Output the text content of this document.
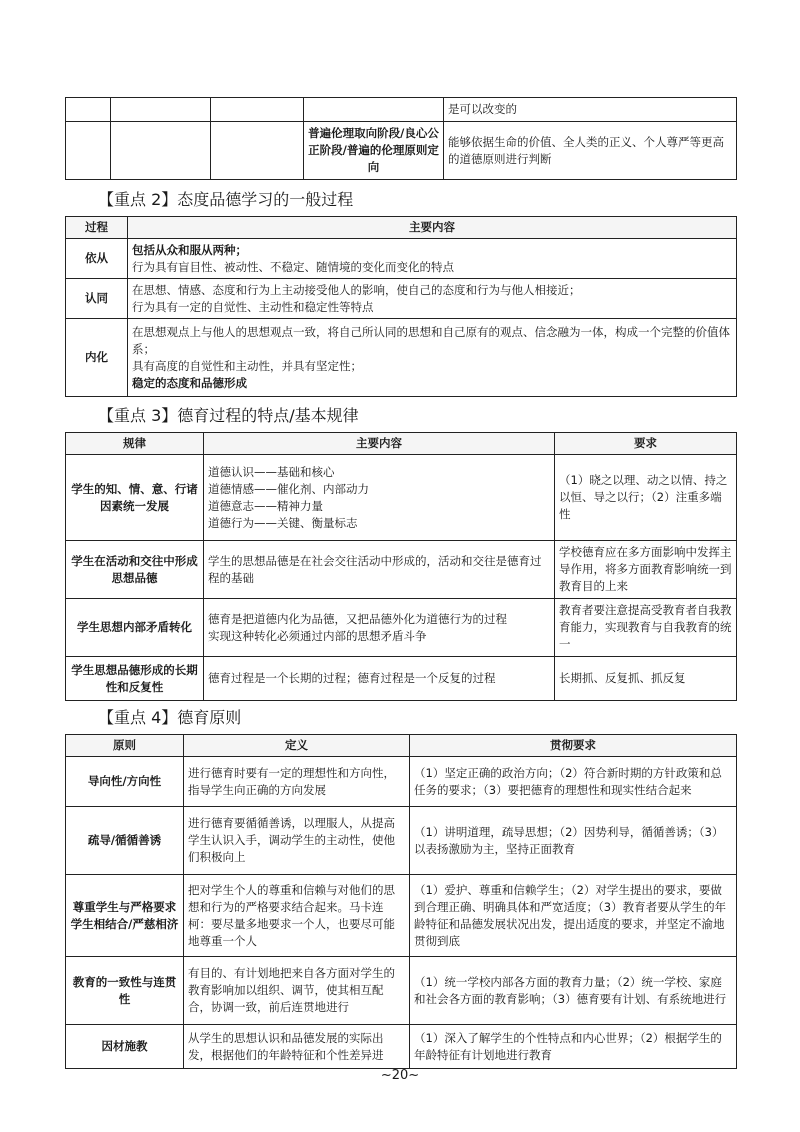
				是可以改变的
			普遍伦理取向阶段/良心公正阶段/普遍的伦理原则定向	能够依据生命的价值、全人类的正义、个人尊严等更高的道德原则进行判断
【重点 2】态度品德学习的一般过程
过程	主要内容
依从	包括从众和服从两种；
行为具有盲目性、被动性、不稳定、随情境的变化而变化的特点

认同	在思想、情感、态度和行为上主动接受他人的影响，使自己的态度和行为与他人相接近；
行为具有一定的自觉性、主动性和稳定性等特点

内化	在思想观点上与他人的思想观点一致，将自己所认同的思想和自己原有的观点、信念融为一体，构成一个完整的价值体系；
具有高度的自觉性和主动性，并具有坚定性；
稳定的态度和品德形成
【重点 3】德育过程的特点/基本规律
规律	主要内容	要求
学生的知、情、意、行诸因素统一发展	道德认识——基础和核心
道德情感——催化剂、内部动力
道德意志——精神力量
道德行为——关键、衡量标志	（1）晓之以理、动之以情、持之以恒、导之以行；（2）注重多端性
学生在活动和交往中形成思想品德	学生的思想品德是在社会交往活动中形成的，活动和交往是德育过程的基础	学校德育应在多方面影响中发挥主导作用，将多方面教育影响统一到教育目的上来
学生思想内部矛盾转化	德育是把道德内化为品德，又把品德外化为道德行为的过程
实现这种转化必须通过内部的思想矛盾斗争	教育者要注意提高受教育者自我教育能力，实现教育与自我教育的统一
学生思想品德形成的长期性和反复性	德育过程是一个长期的过程；德育过程是一个反复的过程	长期抓、反复抓、抓反复
【重点 4】德育原则
原则	定义	贯彻要求
导向性/方向性	进行德育时要有一定的理想性和方向性，指导学生向正确的方向发展	（1）坚定正确的政治方向；（2）符合新时期的方针政策和总任务的要求；（3）要把德育的理想性和现实性结合起来
疏导/循循善诱	进行德育要循循善诱，以理服人，从提高学生认识入手，调动学生的主动性，使他们积极向上	（1）讲明道理，疏导思想；（2）因势利导，循循善诱；（3）以表扬激励为主，坚持正面教育
尊重学生与严格要求学生相结合/严慈相济	把对学生个人的尊重和信赖与对他们的思想和行为的严格要求结合起来。马卡连柯：要尽量多地要求一个人，也要尽可能地尊重一个人	（1）爱护、尊重和信赖学生；（2）对学生提出的要求，要做到合理正确、明确具体和严宽适度；（3）教育者要从学生的年龄特征和品德发展状况出发，提出适度的要求，并坚定不渝地贯彻到底
教育的一致性与连贯性	有目的、有计划地把来自各方面对学生的教育影响加以组织、调节，使其相互配合，协调一致，前后连贯地进行	（1）统一学校内部各方面的教育力量；（2）统一学校、家庭和社会各方面的教育影响；（3）德育要有计划、有系统地进行
因材施教	从学生的思想认识和品德发展的实际出发，根据他们的年龄特征和个性差异进	（1）深入了解学生的个性特点和内心世界；（2）根据学生的年龄特征有计划地进行教育
~20~
